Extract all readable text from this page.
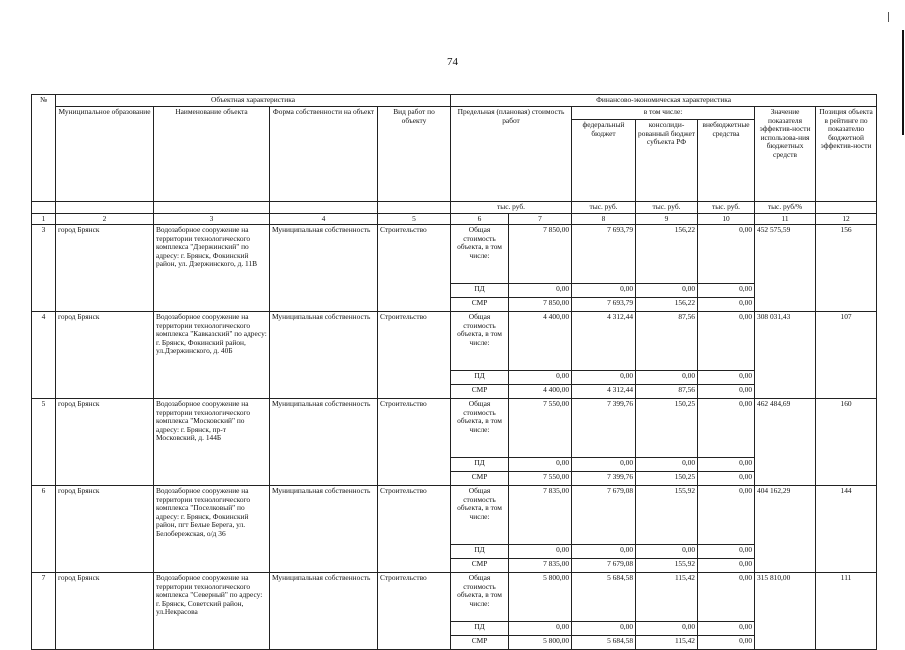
74
№	Объектная характеристика				Финансово-экономическая характеристика						
	Муниципальное образование	Наименование объекта	Форма собственности на объект	Вид работ по объекту	Предельная (плановая) стоимость работ		в том числе:			Значение показателя эффектив-ности использова-ния бюджетных средств	Позиция объекта в рейтинге по показателю бюджетной эффектив-ности
							федеральный бюджет	консолиди-рованный бюджет субъекта РФ	внебюджетные средства		
					тыс. руб.		тыс. руб.	тыс. руб.	тыс. руб.	тыс. руб/%	
1	2	3	4	5	6	7	8	9	10	11	12
3	город Брянск	Водозаборное сооружение на территории технологического комплекса "Дзержинский" по адресу: г. Брянск, Фокинский район, ул. Дзержинского, д. 11В	Муниципальная собственность	Строительство	Общая стоимость объекта, в том числе:	7 850,00	7 693,79	156,22	0,00	452 575,59	156
					ПД	0,00	0,00	0,00	0,00		
					СМР	7 850,00	7 693,79	156,22	0,00		
4	город Брянск	Водозаборное сооружение на территории технологического комплекса "Кавказский" по адресу: г. Брянск, Фокинский район, ул.Дзержинского, д. 40Б	Муниципальная собственность	Строительство	Общая стоимость объекта, в том числе:	4 400,00	4 312,44	87,56	0,00	308 031,43	107
					ПД	0,00	0,00	0,00	0,00		
					СМР	4 400,00	4 312,44	87,56	0,00		
5	город Брянск	Водозаборное сооружение на территории технологического комплекса "Московский" по адресу: г. Брянск, пр-т Московский, д. 144Б	Муниципальная собственность	Строительство	Общая стоимость объекта, в том числе:	7 550,00	7 399,76	150,25	0,00	462 484,69	160
					ПД	0,00	0,00	0,00	0,00		
					СМР	7 550,00	7 399,76	150,25	0,00		
6	город Брянск	Водозаборное сооружение на территории технологического комплекса "Поселковый" по адресу: г. Брянск, Фокинский район, пгт Белые Берега, ул. Белобережская, о/д 36	Муниципальная собственность	Строительство	Общая стоимость объекта, в том числе:	7 835,00	7 679,08	155,92	0,00	404 162,29	144
					ПД	0,00	0,00	0,00	0,00		
					СМР	7 835,00	7 679,08	155,92	0,00		
7	город Брянск	Водозаборное сооружение на территории технологического комплекса "Северный" по адресу: г. Брянск, Советский район, ул.Некрасова	Муниципальная собственность	Строительство	Общая стоимость объекта, в том числе:	5 800,00	5 684,58	115,42	0,00	315 810,00	111
					ПД	0,00	0,00	0,00	0,00		
					СМР	5 800,00	5 684,58	115,42	0,00		
